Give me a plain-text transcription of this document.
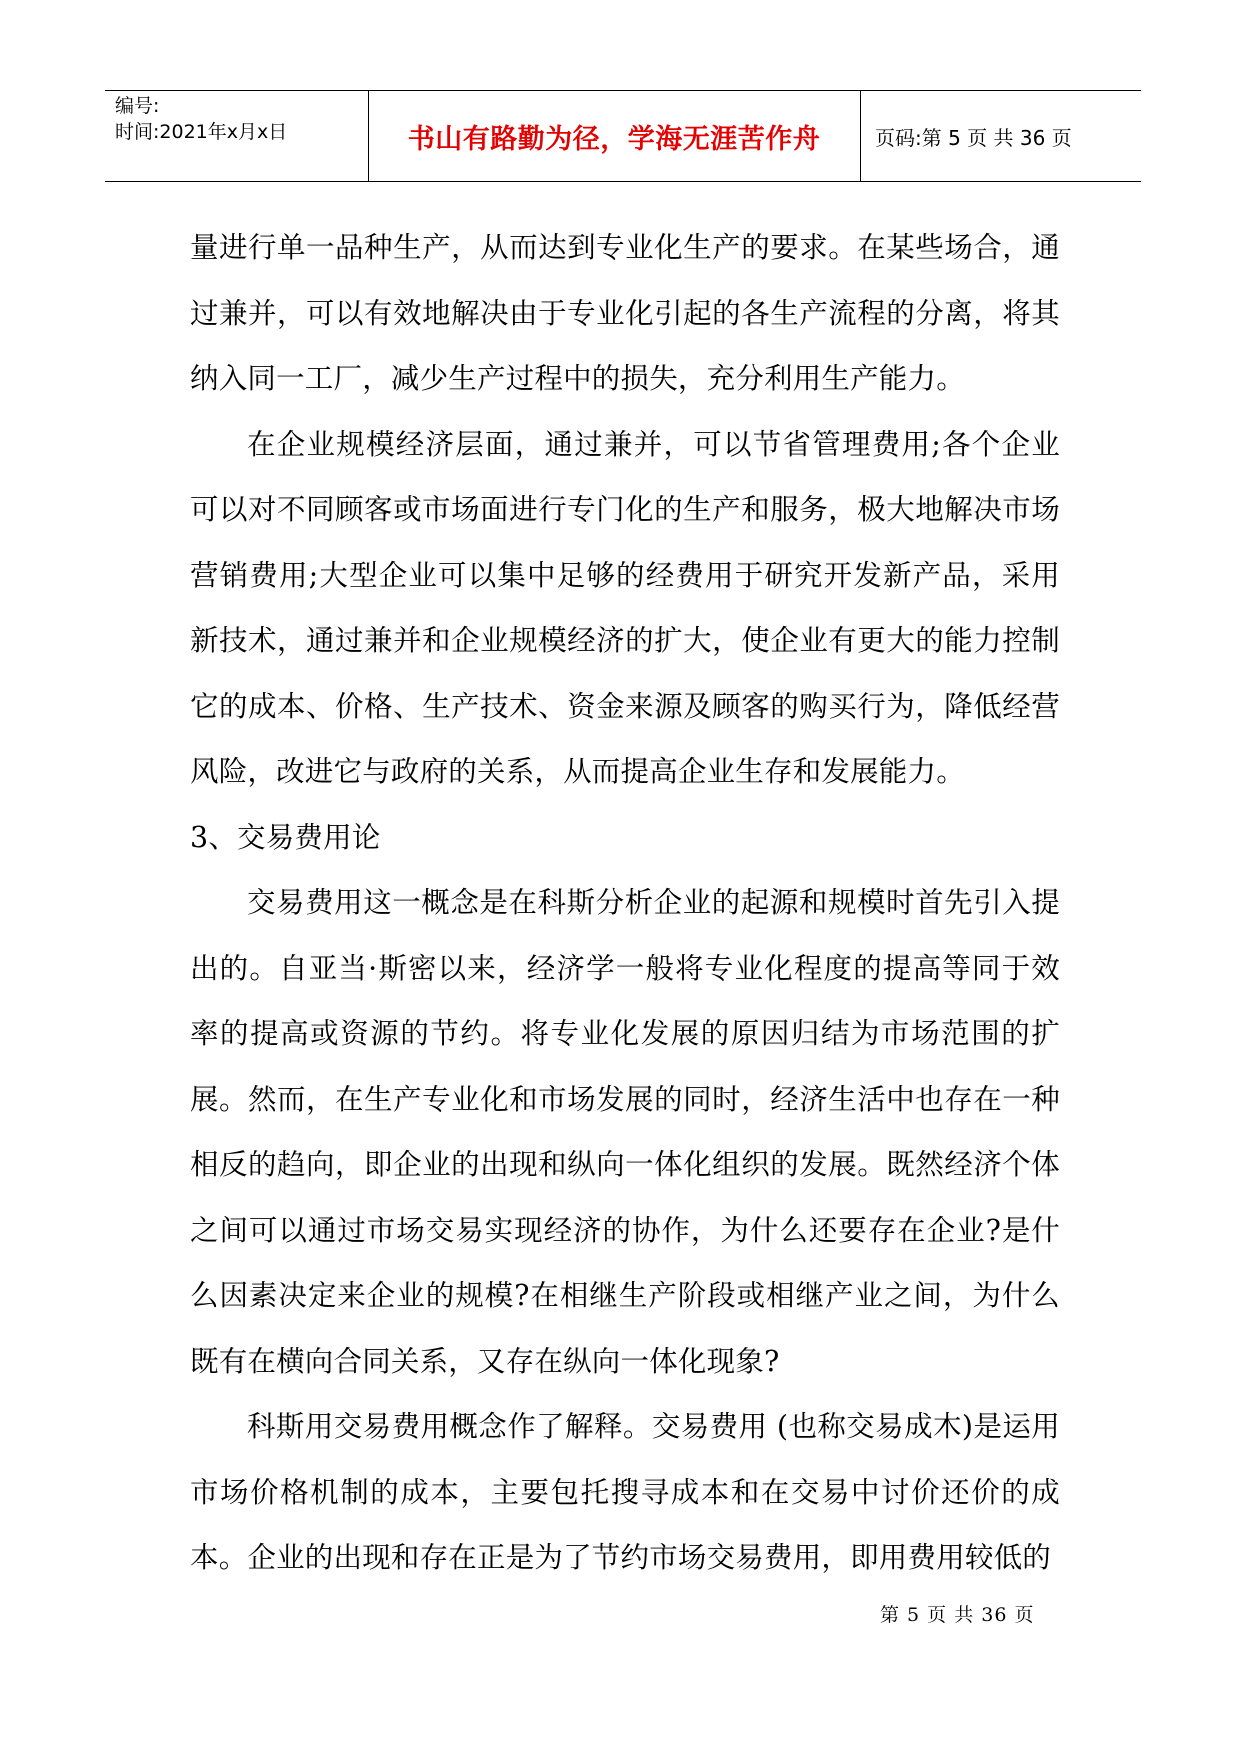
编号:
时间:2021年x月x日	书山有路勤为径，学海无涯苦作舟	页码:第 5 页 共 36 页

量进行单一品种生产，从而达到专业化生产的要求。在某些场合，通过兼并，可以有效地解决由于专业化引起的各生产流程的分离，将其纳入同一工厂，减少生产过程中的损失，充分利用生产能力。

在企业规模经济层面，通过兼并，可以节省管理费用;各个企业可以对不同顾客或市场面进行专门化的生产和服务，极大地解决市场营销费用;大型企业可以集中足够的经费用于研究开发新产品，采用新技术，通过兼并和企业规模经济的扩大，使企业有更大的能力控制它的成本、价格、生产技术、资金来源及顾客的购买行为，降低经营风险，改进它与政府的关系，从而提高企业生存和发展能力。

3、交易费用论

交易费用这一概念是在科斯分析企业的起源和规模时首先引入提出的。自亚当·斯密以来，经济学一般将专业化程度的提高等同于效率的提高或资源的节约。将专业化发展的原因归结为市场范围的扩展。然而，在生产专业化和市场发展的同时，经济生活中也存在一种相反的趋向，即企业的出现和纵向一体化组织的发展。既然经济个体之间可以通过市场交易实现经济的协作，为什么还要存在企业?是什么因素决定来企业的规模?在相继生产阶段或相继产业之间，为什么既有在横向合同关系，又存在纵向一体化现象?

科斯用交易费用概念作了解释。交易费用 (也称交易成木)是运用市场价格机制的成本，主要包托搜寻成本和在交易中讨价还价的成本。企业的出现和存在正是为了节约市场交易费用，即用费用较低的

第 5 页 共 36 页
